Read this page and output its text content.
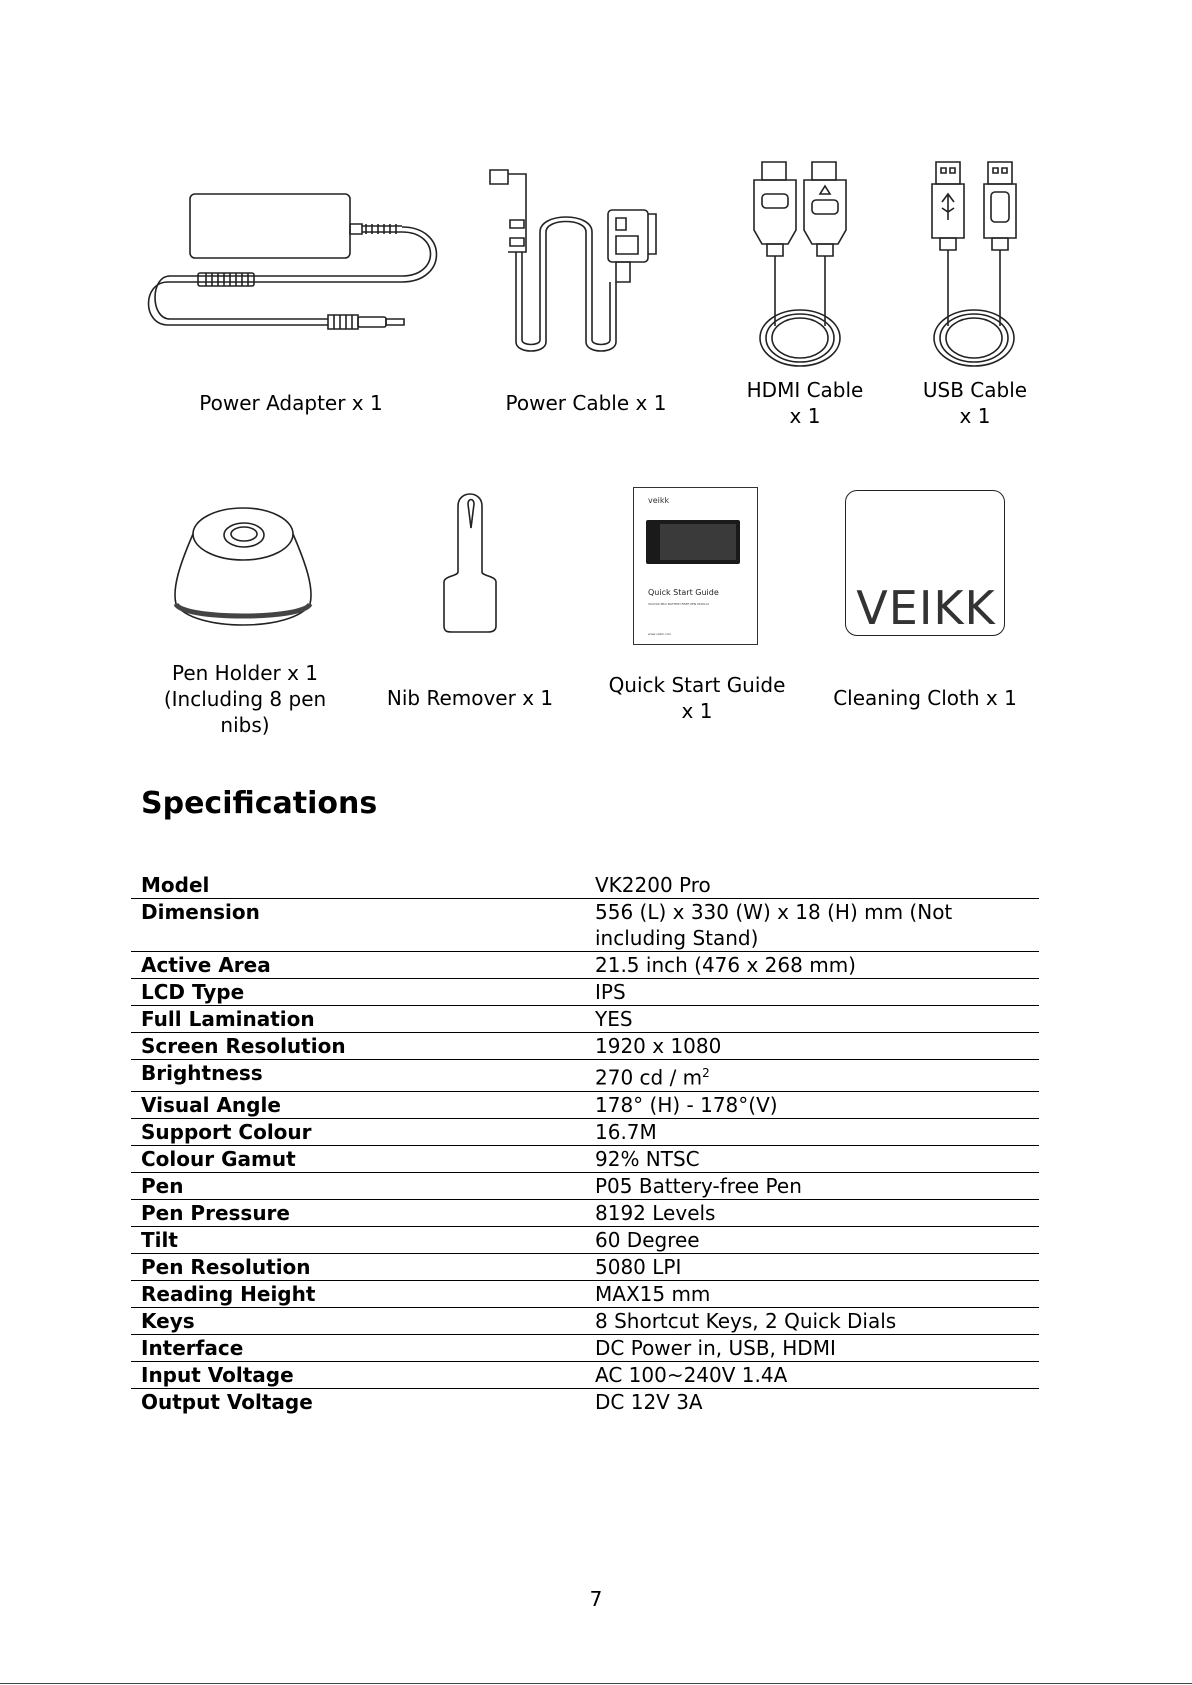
Power Adapter x 1	Power Cable x 1
HDMI Cable
x 1
USB Cable
x 1
veikk
Quick Start Guide
VK2200 PRO BATTERY-FREE PEN DISPLAY
www.veikk.com	VEIKK
Pen Holder x 1
(Including 8 pen
nibs)
Nib Remover x 1
Quick Start Guide
x 1
Cleaning Cloth x 1
Specifications
Model	VK2200 Pro
Dimension	556 (L) x 330 (W) x 18 (H) mm (Not including Stand)
Active Area	21.5 inch (476 x 268 mm)
LCD Type	IPS
Full Lamination	YES
Screen Resolution	1920 x 1080
Brightness	270 cd / $m^2$
Visual Angle	178° (H) - 178°(V)
Support Colour	16.7M
Colour Gamut	92% NTSC
Pen	P05 Battery-free Pen
Pen Pressure	8192 Levels
Tilt	60 Degree
Pen Resolution	5080 LPI
Reading Height	MAX15 mm
Keys	8 Shortcut Keys, 2 Quick Dials
Interface	DC Power in, USB, HDMI
Input Voltage	AC 100~240V 1.4A
Output Voltage	DC 12V 3A
7
